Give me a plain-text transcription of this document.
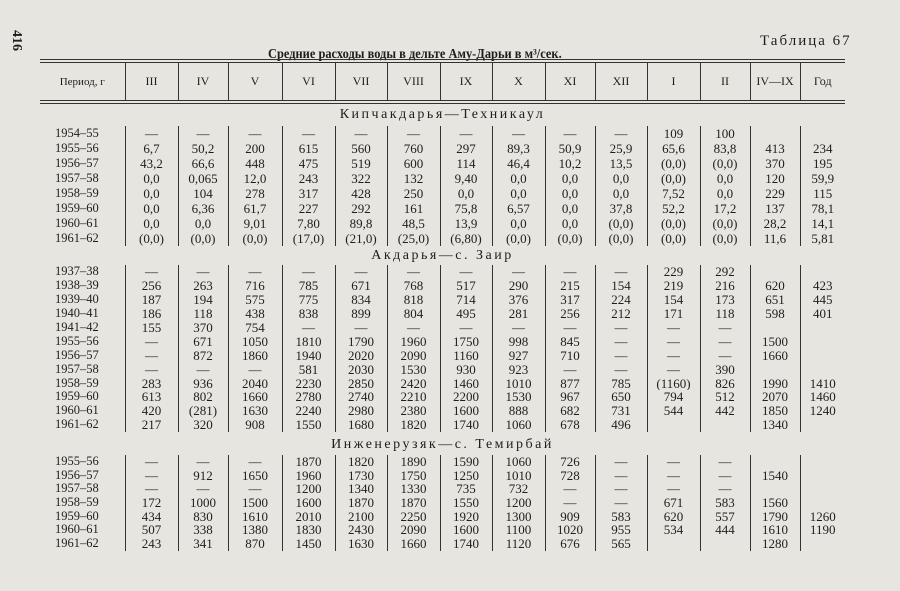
416	Таблица 67
Средние расходы воды в дельте Аму-Дарьи в м³/сек.
Период, г	III	IV	V	VI	VII	VIII	IX	X	XI	XII	I	II	IV—IX	Год
Кипчакдарья—Техникаул
1954–55	—	—	—	—	—	—	—	—	—	—	109	100		
1955–56	6,7	50,2	200	615	560	760	297	89,3	50,9	25,9	65,6	83,8	413	234
1956–57	43,2	66,6	448	475	519	600	114	46,4	10,2	13,5	(0,0)	(0,0)	370	195
1957–58	0,0	0,065	12,0	243	322	132	9,40	0,0	0,0	0,0	(0,0)	0,0	120	59,9
1958–59	0,0	104	278	317	428	250	0,0	0,0	0,0	0,0	7,52	0,0	229	115
1959–60	0,0	6,36	61,7	227	292	161	75,8	6,57	0,0	37,8	52,2	17,2	137	78,1
1960–61	0,0	0,0	9,01	7,80	89,8	48,5	13,9	0,0	0,0	(0,0)	(0,0)	(0,0)	28,2	14,1
1961–62	(0,0)	(0,0)	(0,0)	(17,0)	(21,0)	(25,0)	(6,80)	(0,0)	(0,0)	(0,0)	(0,0)	(0,0)	11,6	5,81
Акдарья—с. Заир
1937–38	—	—	—	—	—	—	—	—	—	—	229	292		
1938–39	256	263	716	785	671	768	517	290	215	154	219	216	620	423
1939–40	187	194	575	775	834	818	714	376	317	224	154	173	651	445
1940–41	186	118	438	838	899	804	495	281	256	212	171	118	598	401
1941–42	155	370	754	—	—	—	—	—	—	—	—	—		
1955–56	—	671	1050	1810	1790	1960	1750	998	845	—	—	—	1500	
1956–57	—	872	1860	1940	2020	2090	1160	927	710	—	—	—	1660	
1957–58	—	—	—	581	2030	1530	930	923	—	—	—	390		
1958–59	283	936	2040	2230	2850	2420	1460	1010	877	785	(1160)	826	1990	1410
1959–60	613	802	1660	2780	2740	2210	2200	1530	967	650	794	512	2070	1460
1960–61	420	(281)	1630	2240	2980	2380	1600	888	682	731	544	442	1850	1240
1961–62	217	320	908	1550	1680	1820	1740	1060	678	496			1340	
Инженерузяк—с. Темирбай
1955–56	—	—	—	1870	1820	1890	1590	1060	726	—	—	—		
1956–57	—	912	1650	1960	1730	1750	1250	1010	728	—	—	—	1540	
1957–58	—	—	—	1200	1340	1330	735	732	—	—	—	—		
1958–59	172	1000	1500	1600	1870	1870	1550	1200	—	—	671	583	1560	
1959–60	434	830	1610	2010	2100	2250	1920	1300	909	583	620	557	1790	1260
1960–61	507	338	1380	1830	2430	2090	1600	1100	1020	955	534	444	1610	1190
1961–62	243	341	870	1450	1630	1660	1740	1120	676	565			1280	
